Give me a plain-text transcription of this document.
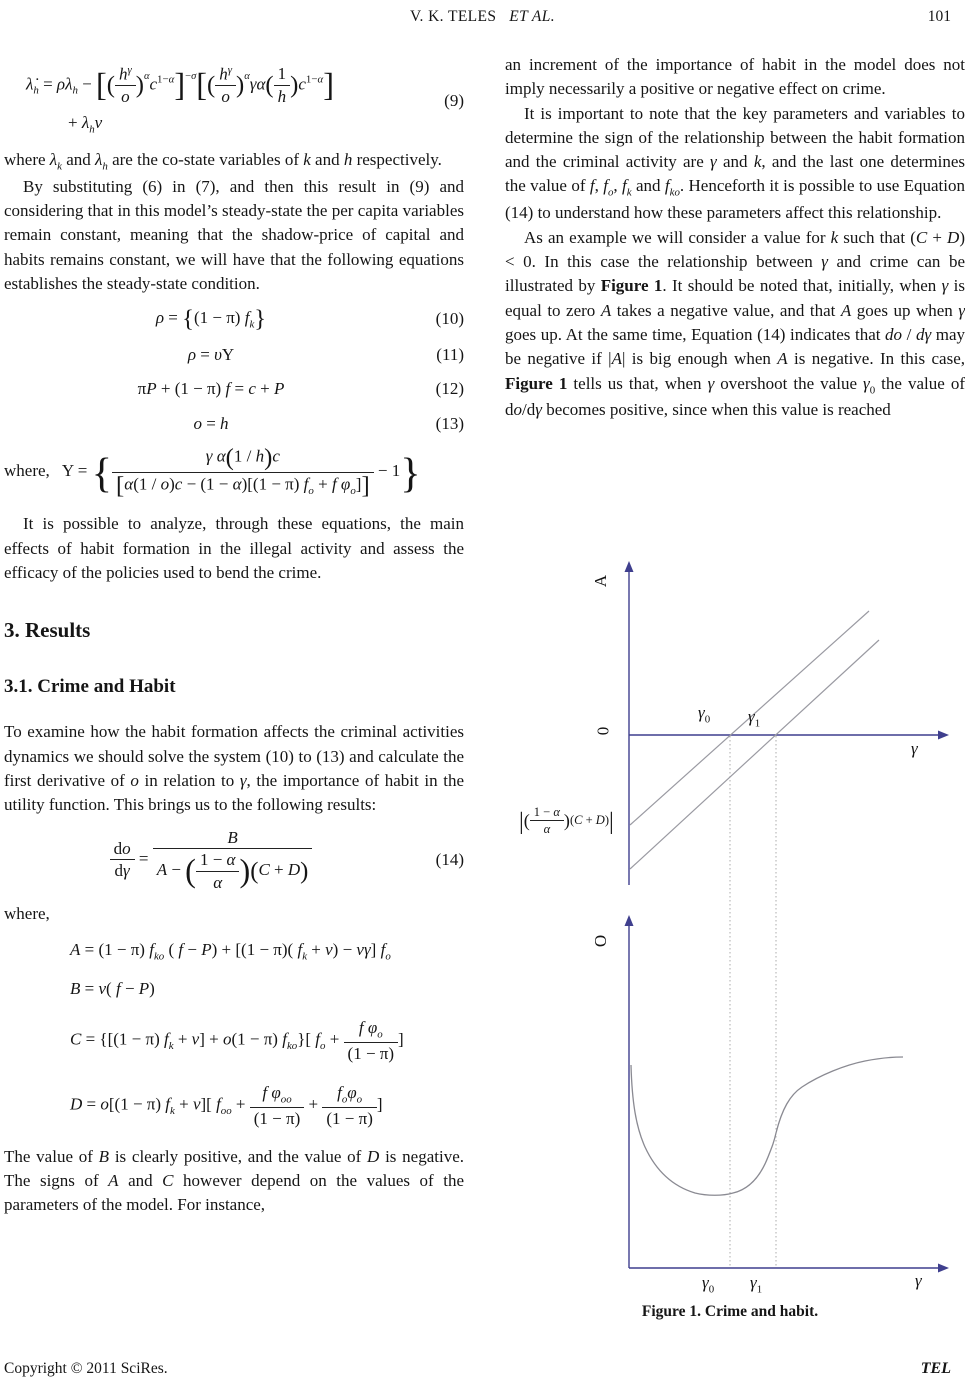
V. K. TELES ET AL.	101
$\lambdȧ_h = \rho\lambda_h$ − [( $\frac{h^\gamma}{o} )^\alpha c^{1-\alpha}]^{-\sigma}[( \frac{h^\gamma}{o} )^\alpha\gamma\alpha( \frac{1}{h} )c^{1-\alpha}]$
+ $\lambda_hv$
(9)

where $\lambda_k$ and $\lambda_h$ are the co-state variables of k and h respectively.

By substituting (6) in (7), and then this result in (9) and considering that in this model’s steady-state the per capita variables remain constant, meaning that the shadow-price of capital and habits remains constant, we will have that the following equations establishes the steady-state condition.

ρ = {(1 − π) $f_k$}	(10)
ρ = υY	(11)
πP + (1 − π) f = c + P	(12)
o = h	(13)
where,   Y = { $\frac{\text{γ α(1 / h)c}}{[\alpha(1 / o)c - (1 - \alpha)[(1 - \pi) f_o + f \varphi_o]]} - 1$}

It is possible to analyze, through these equations, the main effects of habit formation in the illegal activity and assess the efficacy of the policies used to bend the crime.

3. Results
3.1. Crime and Habit

To examine how the habit formation affects the criminal activities dynamics we should solve the system (10) to (13) and calculate the first derivative of o in relation to γ, the importance of habit in the utility function. This brings us to the following results:

$\frac{do}{d\gamma} = \frac{B}{A - ( \frac{1 - \alpha}{\alpha} )(C + D)}$	(14)

where,

A = (1 − π) $f_{ko}$ ( f − P) + [(1 − π)( $f_k + v) - v\gamma$] $f_o$
B = v( f − P)
C = {[(1 − π) $f_k + v] + o(1 - \pi)$ $f_{ko}$}[ $f_o + \frac{f \varphi_o}{(1 - \pi)}$ ]
D = o[(1 − π) $f_k + v$][ $f_{oo} + \frac{f \varphi_{oo}}{(1 - \pi)} + \frac{f_o\varphi_o}{(1 - \pi)}$ ]

The value of B is clearly positive, and the value of D is negative. The signs of A and C however depend on the values of the parameters of the model. For instance,

an increment of the importance of habit in the model does not imply necessarily a positive or negative effect on crime.

It is important to note that the key parameters and variables to determine the sign of the relationship between the habit formation and the criminal activity are γ and k, and the last one determines the value of f, $f_o$, $f_k$ and $f_{ko}$. Henceforth it is possible to use Equation (14) to understand how these parameters affect this relationship.

As an example we will consider a value for k such that (C + D) < 0. In this case the relationship between γ and crime can be illustrated by Figure 1. It should be noted that, initially, when γ is equal to zero A takes a negative value, and that A goes up when γ goes up. At the same time, Equation (14) indicates that do / dγ may be negative if |A| is big enough when A is negative. In this case, Figure 1 tells us that, when γ overshoot the value $\gamma_0$ the value of do/dγ becomes positive, since when this value is reached

A
0
γ
$\gamma_0$ $\gamma_1$
|( $\frac{1 - \alpha}{\alpha} )(C + D)|$
O
γ
$\gamma_0$ $\gamma_1$
Figure 1. Crime and habit.
Copyright © 2011 SciRes.	TEL
